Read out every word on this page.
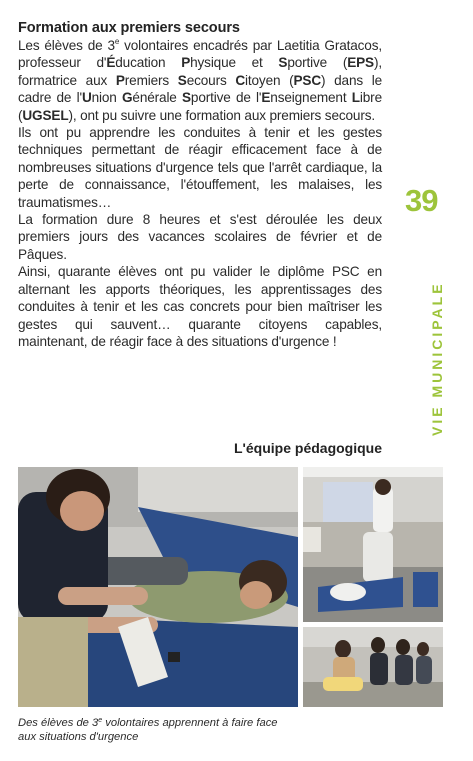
Formation aux premiers secours

Les élèves de 3e volontaires encadrés par Laetitia Gratacos, professeur d'Éducation Physique et Sportive (EPS), formatrice aux Premiers Secours Citoyen (PSC) dans le cadre de l'Union Générale Sportive de l'Enseignement Libre (UGSEL), ont pu suivre une formation aux premiers secours.

Ils ont pu apprendre les conduites à tenir et les gestes techniques permettant de réagir efficacement face à de nombreuses situations d'urgence tels que l'arrêt cardiaque, la perte de connaissance, l'étouffement, les malaises, les traumatismes…

La formation dure 8 heures et s'est déroulée les deux premiers jours des vacances scolaires de février et de Pâques.

Ainsi, quarante élèves ont pu valider le diplôme PSC en alternant les apports théoriques, les apprentissages des conduites à tenir et les cas concrets pour bien maîtriser les gestes qui sauvent… quarante citoyens capables, maintenant, de réagir face à des situations d'urgence !

L'équipe pédagogique
39
VIE MUNICIPALE
Des élèves de 3e volontaires apprennent à faire face
aux situations d'urgence
